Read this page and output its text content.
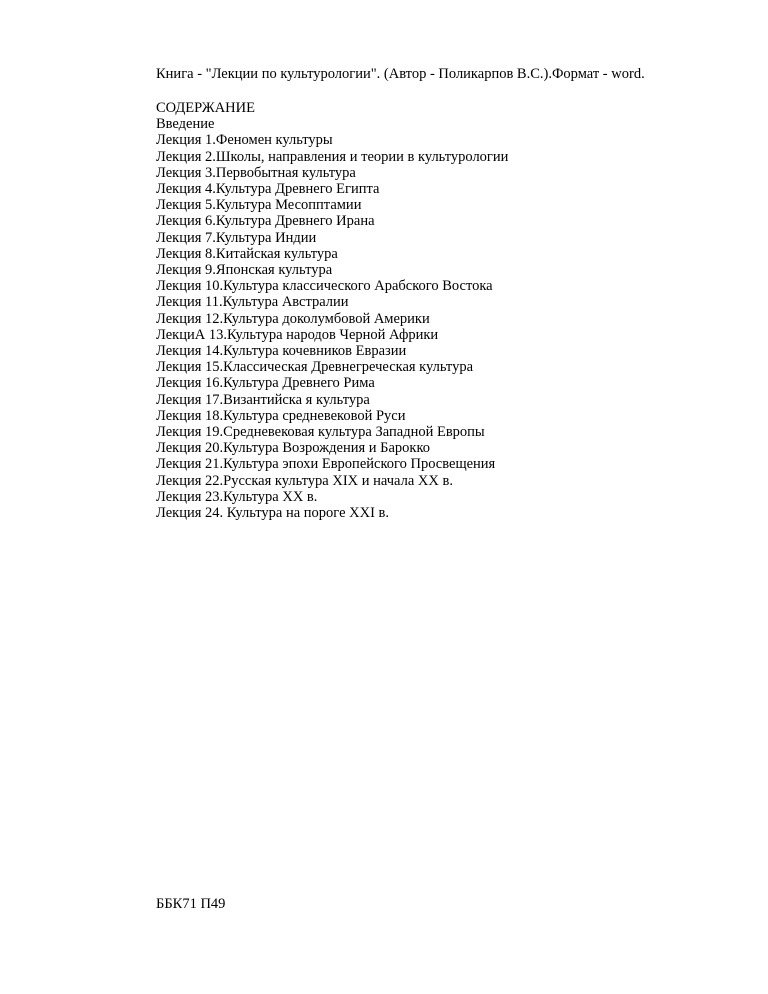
Книга - "Лекции по культурологии". (Автор - Поликарпов В.С.).Формат - word.
СОДЕРЖАНИЕ
Введение
Лекция 1.Феномен культуры
Лекция 2.Школы, направления и теории в культурологии
Лекция 3.Первобытная культура
Лекция 4.Культура Древнего Египта
Лекция 5.Культура Месопптамии
Лекция 6.Культура Древнего Ирана
Лекция 7.Культура Индии
Лекция 8.Китайская культура
Лекция 9.Японская культура
Лекция 10.Культура классического Арабского Востока
Лекция 11.Культура Австралии
Лекция 12.Культура доколумбовой Америки
ЛекциА 13.Культура народов Черной Африки
Лекция 14.Культура кочевников Евразии
Лекция 15.Классическая Древнегреческая культура
Лекция 16.Культура Древнего Рима
Лекция 17.Византийска я культура
Лекция 18.Культура средневековой Руси
Лекция 19.Средневековая культура Западной Европы
Лекция 20.Культура Возрождения и Барокко
Лекция 21.Культура эпохи Европейского Просвещения
Лекция 22.Русская культура XIX и начала XX в.
Лекция 23.Культура XX в.
Лекция 24. Культура на пороге XXI в.
ББК71 П49
